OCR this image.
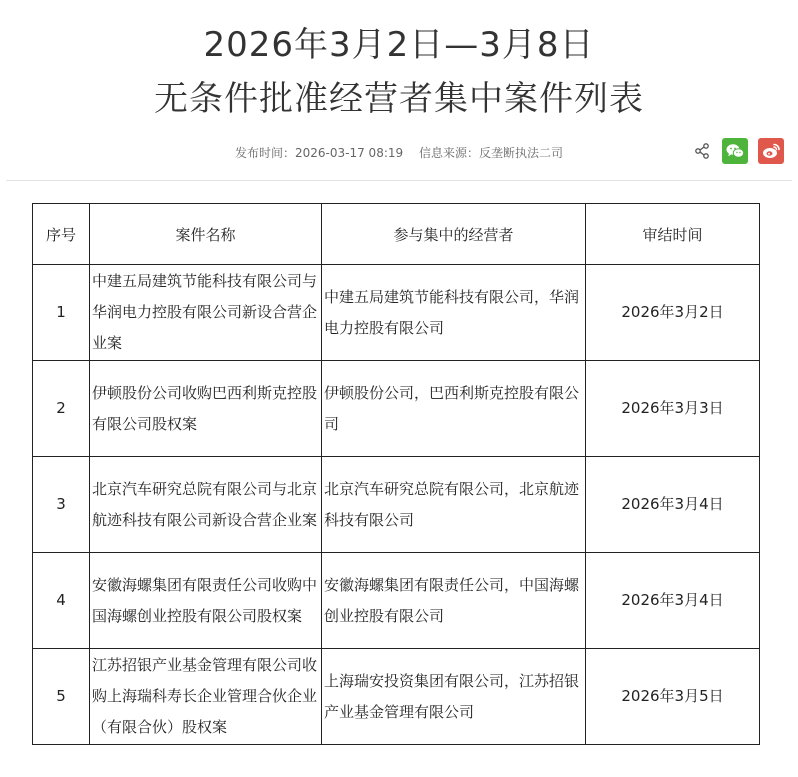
2026年3月2日—3月8日
无条件批准经营者集中案件列表
发布时间：2026-03-17 08:19 信息来源：反垄断执法二司
序号	案件名称	参与集中的经营者	审结时间
1	中建五局建筑节能科技有限公司与华润电力控股有限公司新设合营企业案	中建五局建筑节能科技有限公司，华润电力控股有限公司	2026年3月2日
2	伊顿股份公司收购巴西利斯克控股有限公司股权案	伊顿股份公司，巴西利斯克控股有限公司	2026年3月3日
3	北京汽车研究总院有限公司与北京航迹科技有限公司新设合营企业案	北京汽车研究总院有限公司，北京航迹科技有限公司	2026年3月4日
4	安徽海螺集团有限责任公司收购中国海螺创业控股有限公司股权案	安徽海螺集团有限责任公司，中国海螺创业控股有限公司	2026年3月4日
5	江苏招银产业基金管理有限公司收购上海瑞科寿长企业管理合伙企业（有限合伙）股权案	上海瑞安投资集团有限公司，江苏招银产业基金管理有限公司	2026年3月5日
